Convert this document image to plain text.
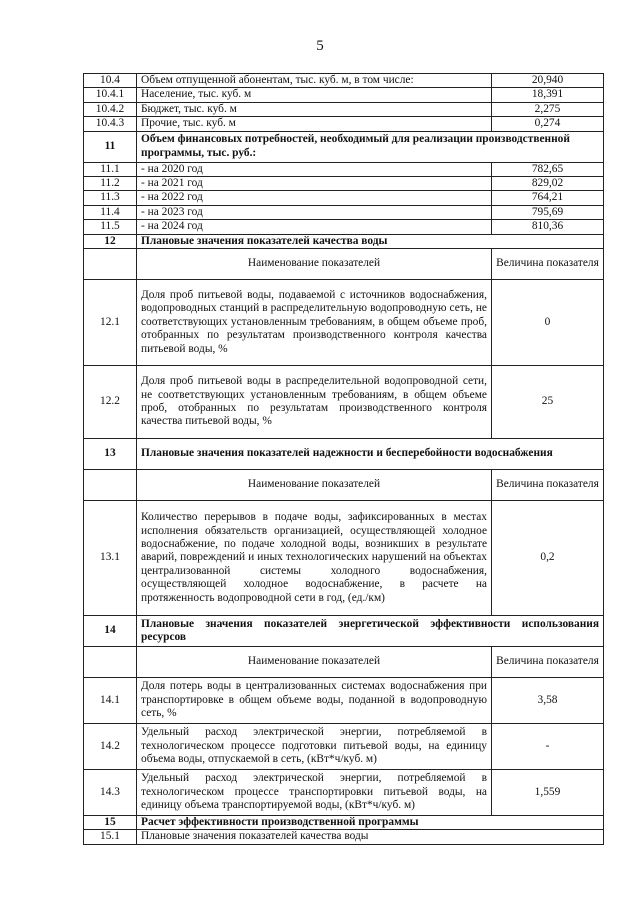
5
10.4	Объем отпущенной абонентам, тыс. куб. м, в том числе:	20,940
10.4.1	Население, тыс. куб. м	18,391
10.4.2	Бюджет, тыс. куб. м	2,275
10.4.3	Прочие, тыс. куб. м	0,274
11	Объем финансовых потребностей, необходимый для реализации производственной программы, тыс. руб.:	
11.1	- на 2020 год	782,65
11.2	- на 2021 год	829,02
11.3	- на 2022 год	764,21
11.4	- на 2023 год	795,69
11.5	- на 2024 год	810,36
12	Плановые значения показателей качества воды	
	Наименование показателей	Величина показателя
12.1	Доля проб питьевой воды, подаваемой с источников водоснабжения, водопроводных станций в распределительную водопроводную сеть, не соответствующих установленным требованиям, в общем объеме проб, отобранных по результатам производственного контроля качества питьевой воды, %	0
12.2	Доля проб питьевой воды в распределительной водопроводной сети, не соответствующих установленным требованиям, в общем объеме проб, отобранных по результатам производственного контроля качества питьевой воды, %	25
13	Плановые значения показателей надежности и бесперебойности водоснабжения	
	Наименование показателей	Величина показателя
13.1	Количество перерывов в подаче воды, зафиксированных в местах исполнения обязательств организацией, осуществляющей холодное водоснабжение, по подаче холодной воды, возникших в результате аварий, повреждений и иных технологических нарушений на объектах централизованной системы холодного водоснабжения, осуществляющей холодное водоснабжение, в расчете на протяженность водопроводной сети в год, (ед./км)	0,2
14	Плановые значения показателей энергетической эффективности использования ресурсов	
	Наименование показателей	Величина показателя
14.1	Доля потерь воды в централизованных системах водоснабжения при транспортировке в общем объеме воды, поданной в водопроводную сеть, %	3,58
14.2	Удельный расход электрической энергии, потребляемой в технологическом процессе подготовки питьевой воды, на единицу объема воды, отпускаемой в сеть, (кВт*ч/куб. м)	-
14.3	Удельный расход электрической энергии, потребляемой в технологическом процессе транспортировки питьевой воды, на единицу объема транспортируемой воды, (кВт*ч/куб. м)	1,559
15	Расчет эффективности производственной программы	
15.1	Плановые значения показателей качества воды	
